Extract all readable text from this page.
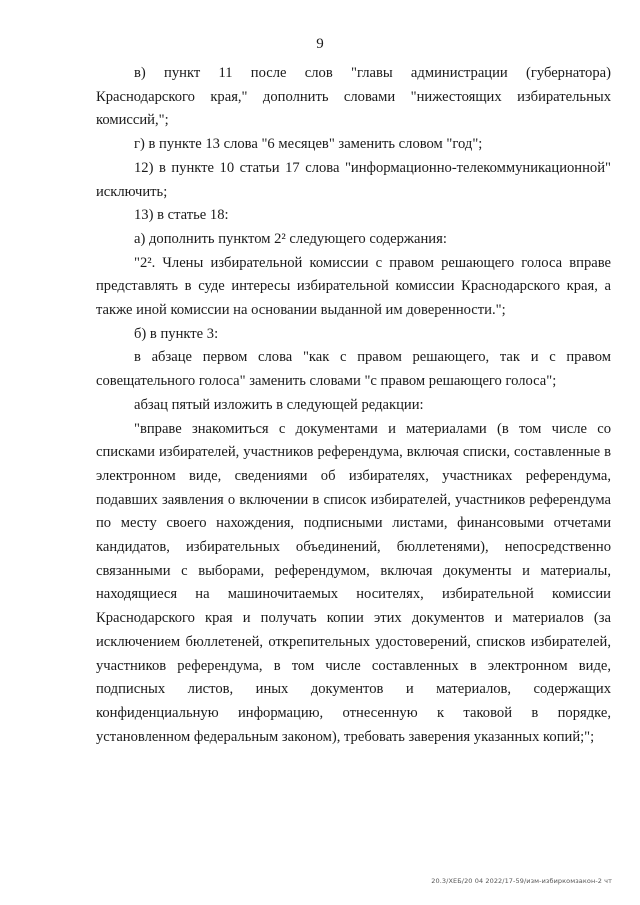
9

в) пункт 11 после слов "главы администрации (губернатора) Краснодарского края," дополнить словами "нижестоящих избирательных комиссий,";

г) в пункте 13 слова "6 месяцев" заменить словом "год";

12) в пункте 10 статьи 17 слова "информационно-телекоммуникационной" исключить;

13) в статье 18:

а) дополнить пунктом 2² следующего содержания:

"2². Члены избирательной комиссии с правом решающего голоса вправе представлять в суде интересы избирательной комиссии Краснодарского края, а также иной комиссии на основании выданной им доверенности.";

б) в пункте 3:

в абзаце первом слова "как с правом решающего, так и с правом совещательного голоса" заменить словами "с правом решающего голоса";

абзац пятый изложить в следующей редакции:

"вправе знакомиться с документами и материалами (в том числе со списками избирателей, участников референдума, включая списки, составленные в электронном виде, сведениями об избирателях, участниках референдума, подавших заявления о включении в список избирателей, участников референдума по месту своего нахождения, подписными листами, финансовыми отчетами кандидатов, избирательных объединений, бюллетенями), непосредственно связанными с выборами, референдумом, включая документы и материалы, находящиеся на машиночитаемых носителях, избирательной комиссии Краснодарского края и получать копии этих документов и материалов (за исключением бюллетеней, открепительных удостоверений, списков избирателей, участников референдума, в том числе составленных в электронном виде, подписных листов, иных документов и материалов, содержащих конфиденциальную информацию, отнесенную к таковой в порядке, установленном федеральным законом), требовать заверения указанных копий;";

20.3/XEБ/20 04 2022/17-59/изм-избиркомзакон-2 чт
